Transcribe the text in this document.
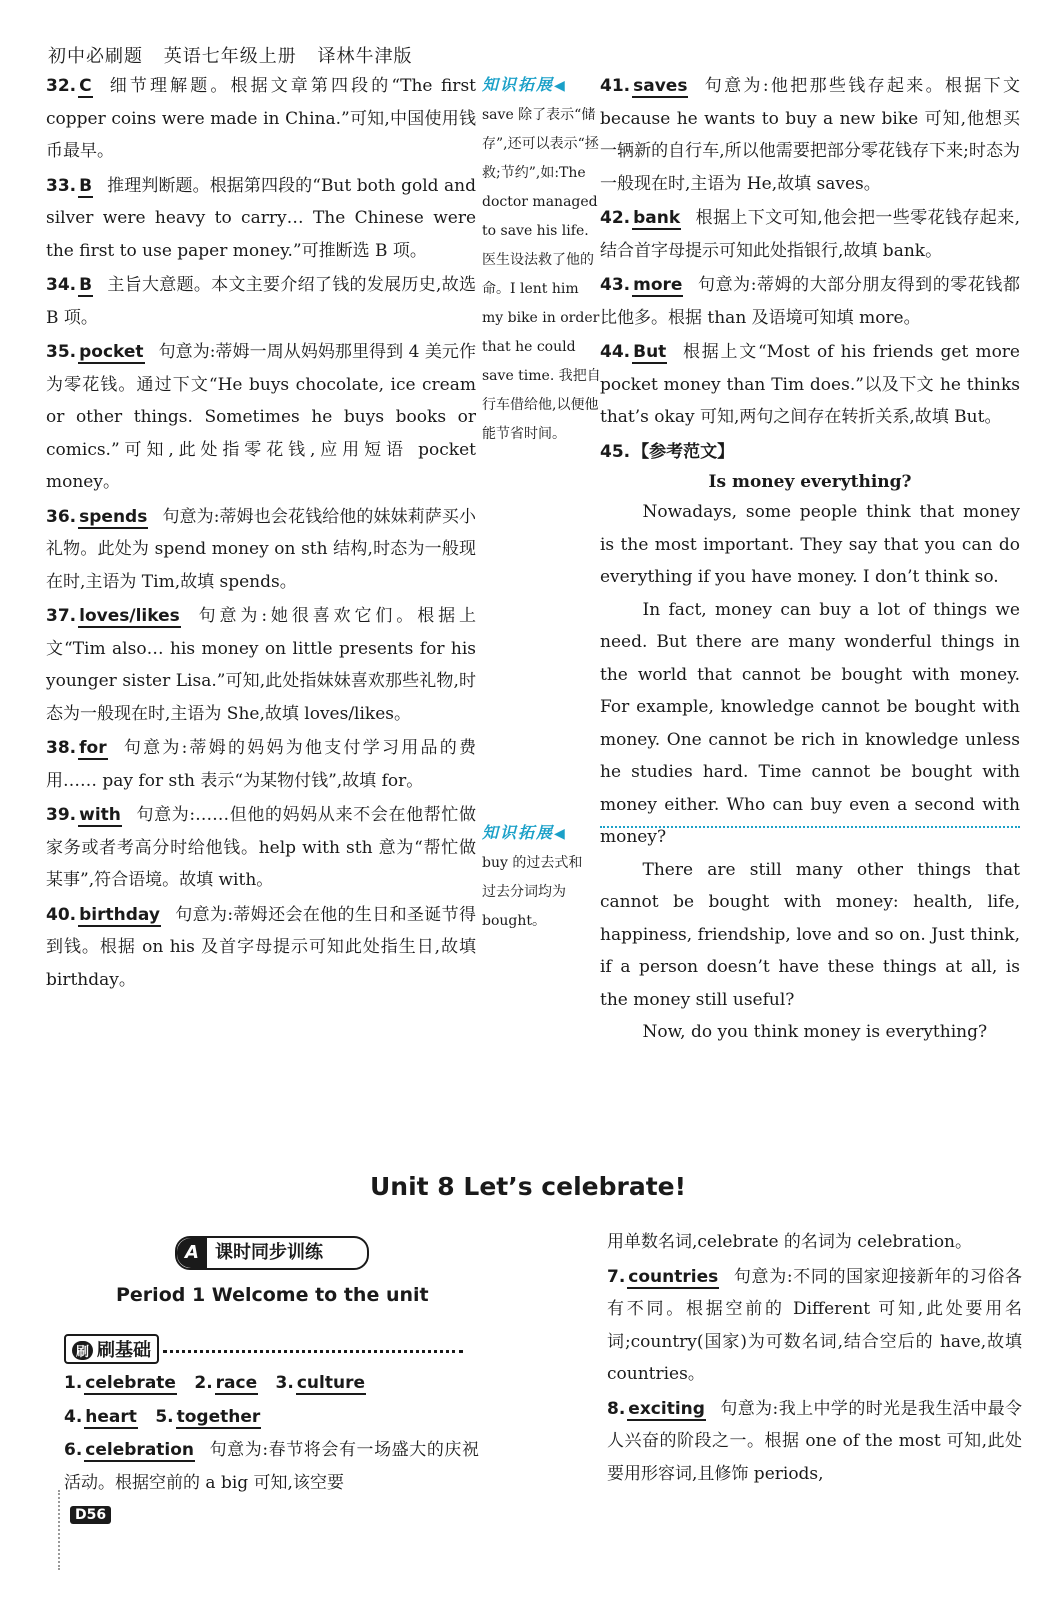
初中必刷题 英语七年级上册 译林牛津版
32. C 细节理解题。根据文章第四段的“The first copper coins were made in China.”可知,中国使用钱币最早。
33. B 推理判断题。根据第四段的“But both gold and silver were heavy to carry… The Chinese were the first to use paper money.”可推断选 B 项。
34. B 主旨大意题。本文主要介绍了钱的发展历史,故选 B 项。
35. pocket 句意为:蒂姆一周从妈妈那里得到 4 美元作为零花钱。通过下文“He buys chocolate, ice cream or other things. Sometimes he buys books or comics.”可知,此处指零花钱,应用短语 pocket money。
36. spends 句意为:蒂姆也会花钱给他的妹妹莉萨买小礼物。此处为 spend money on sth 结构,时态为一般现在时,主语为 Tim,故填 spends。
37. loves/likes 句意为:她很喜欢它们。根据上文“Tim also… his money on little presents for his younger sister Lisa.”可知,此处指妹妹喜欢那些礼物,时态为一般现在时,主语为 She,故填 loves/likes。
38. for 句意为:蒂姆的妈妈为他支付学习用品的费用…… pay for sth 表示“为某物付钱”,故填 for。
39. with 句意为:……但他的妈妈从来不会在他帮忙做家务或者考高分时给他钱。help with sth 意为“帮忙做某事”,符合语境。故填 with。
40. birthday 句意为:蒂姆还会在他的生日和圣诞节得到钱。根据 on his 及首字母提示可知此处指生日,故填 birthday。
知识拓展◀
save 除了表示“储存”,还可以表示“拯救;节约”,如:The doctor managed to save his life. 医生设法救了他的命。I lent him my bike in order that he could save time. 我把自行车借给他,以便他能节省时间。
知识拓展◀
buy 的过去式和过去分词均为 bought。
41. saves 句意为:他把那些钱存起来。根据下文 because he wants to buy a new bike 可知,他想买一辆新的自行车,所以他需要把部分零花钱存下来;时态为一般现在时,主语为 He,故填 saves。
42. bank 根据上下文可知,他会把一些零花钱存起来,结合首字母提示可知此处指银行,故填 bank。
43. more 句意为:蒂姆的大部分朋友得到的零花钱都比他多。根据 than 及语境可知填 more。
44. But 根据上文“Most of his friends get more pocket money than Tim does.”以及下文 he thinks that’s okay 可知,两句之间存在转折关系,故填 But。
45. 【参考范文】
Is money everything?

Nowadays, some people think that money is the most important. They say that you can do everything if you have money. I don’t think so.

In fact, money can buy a lot of things we need. But there are many wonderful things in the world that cannot be bought with money. For example, knowledge cannot be bought with money. One cannot be rich in knowledge unless he studies hard. Time cannot be bought with money either. Who can buy even a second with money?

There are still many other things that cannot be bought with money: health, life, happiness, friendship, love and so on. Just think, if a person doesn’t have these things at all, is the money still useful?

Now, do you think money is everything?

Unit 8 Let’s celebrate!
A 课时同步训练
Period 1 Welcome to the unit
刷 刷基础
1. celebrate 2. race 3. culture
4. heart 5. together
6. celebration 句意为:春节将会有一场盛大的庆祝活动。根据空前的 a big 可知,该空要
用单数名词,celebrate 的名词为 celebration。
7. countries 句意为:不同的国家迎接新年的习俗各有不同。根据空前的 Different 可知,此处要用名词;country(国家)为可数名词,结合空后的 have,故填 countries。
8. exciting 句意为:我上中学的时光是我生活中最令人兴奋的阶段之一。根据 one of the most 可知,此处要用形容词,且修饰 periods,
D56
